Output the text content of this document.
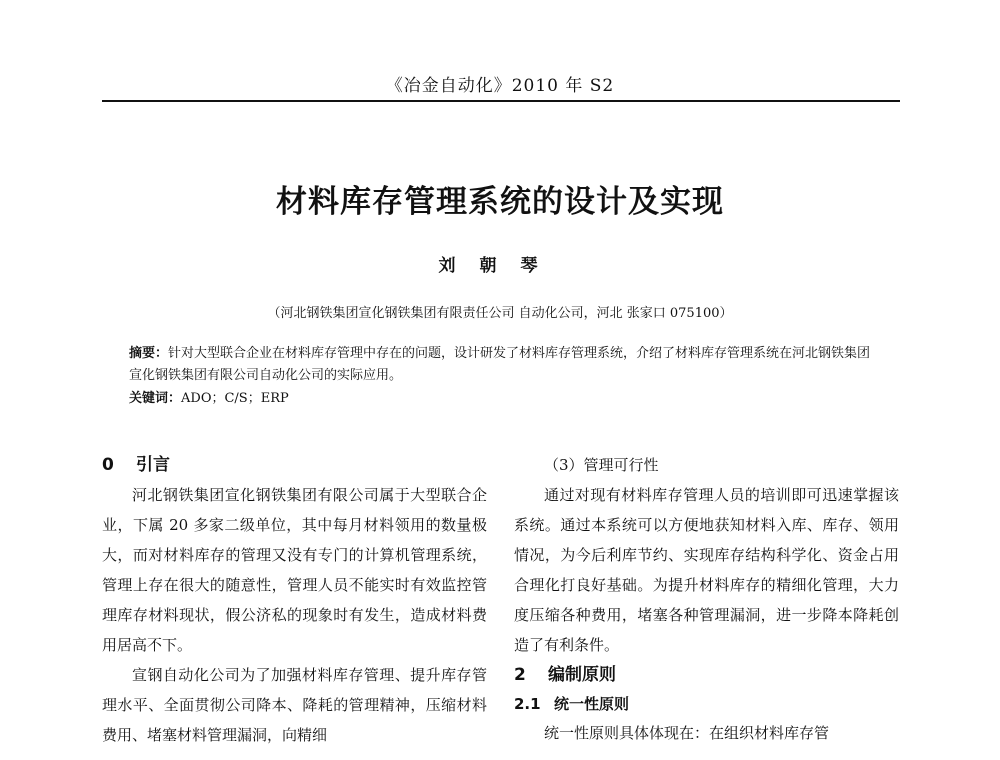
《冶金自动化》2010 年 S2
材料库存管理系统的设计及实现
刘朝琴
（河北钢铁集团宣化钢铁集团有限责任公司 自动化公司，河北 张家口 075100）

摘要：针对大型联合企业在材料库存管理中存在的问题，设计研发了材料库存管理系统，介绍了材料库存管理系统在河北钢铁集团宣化钢铁集团有限公司自动化公司的实际应用。

关键词：ADO；C/S；ERP
0 引言

河北钢铁集团宣化钢铁集团有限公司属于大型联合企业，下属 20 多家二级单位，其中每月材料领用的数量极大，而对材料库存的管理又没有专门的计算机管理系统，管理上存在很大的随意性，管理人员不能实时有效监控管理库存材料现状，假公济私的现象时有发生，造成材料费用居高不下。

宣钢自动化公司为了加强材料库存管理、提升库存管理水平、全面贯彻公司降本、降耗的管理精神，压缩材料费用、堵塞材料管理漏洞，向精细

（3）管理可行性

通过对现有材料库存管理人员的培训即可迅速掌握该系统。通过本系统可以方便地获知材料入库、库存、领用情况，为今后利库节约、实现库存结构科学化、资金占用合理化打良好基础。为提升材料库存的精细化管理，大力度压缩各种费用，堵塞各种管理漏洞，进一步降本降耗创造了有利条件。

2 编制原则
2.1 统一性原则

统一性原则具体体现在：在组织材料库存管
